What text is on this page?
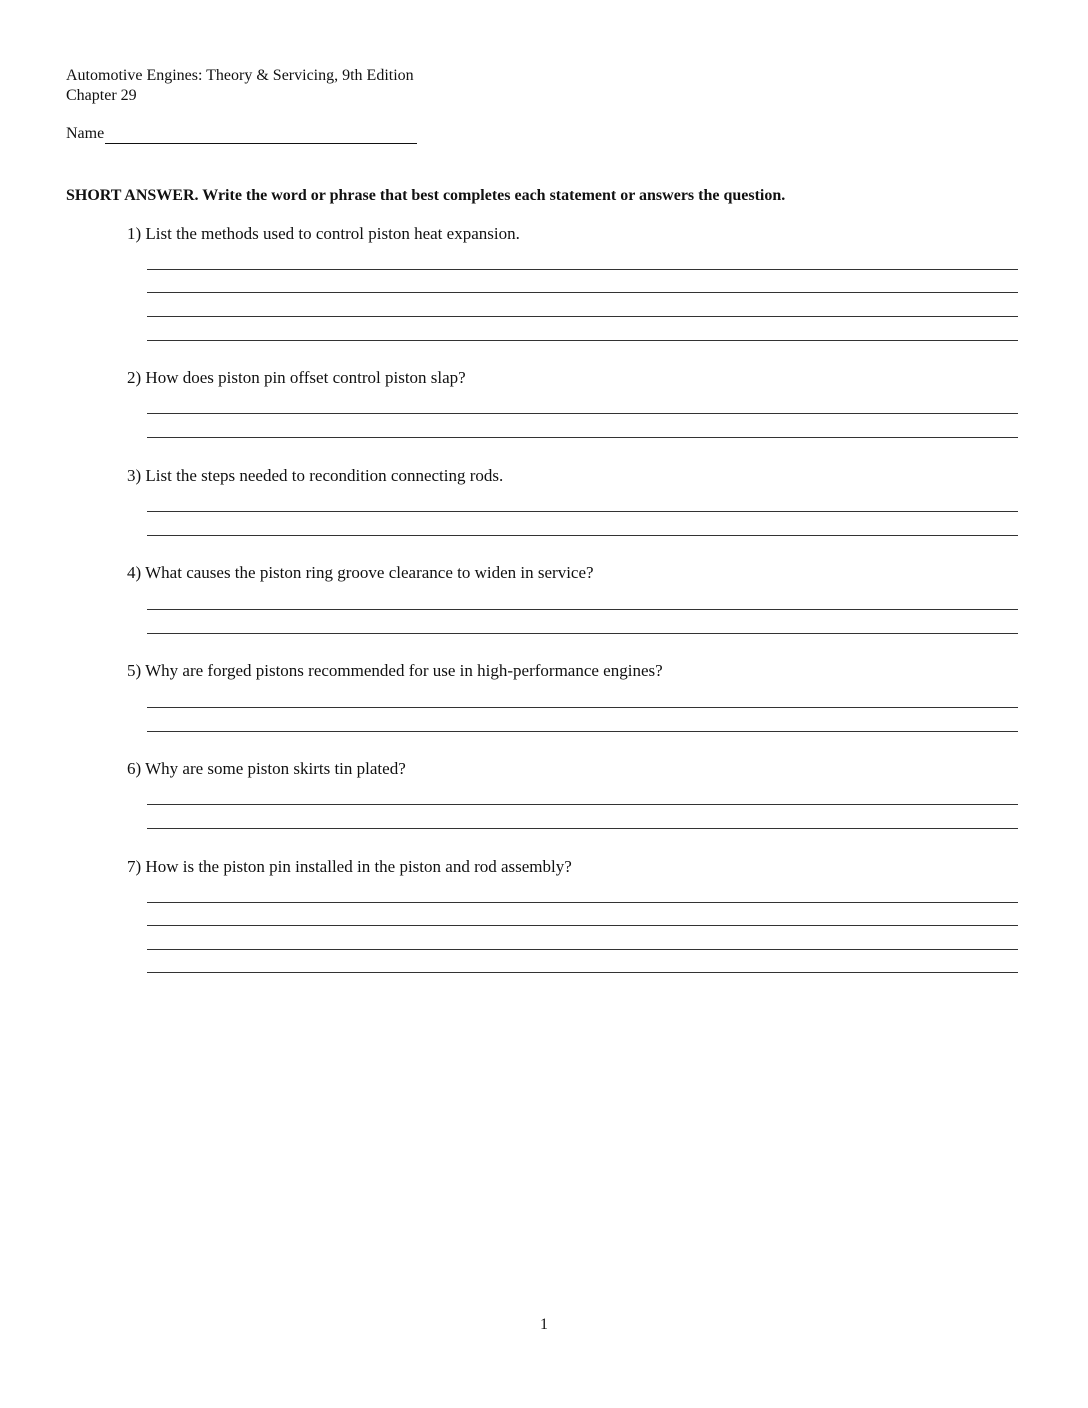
Automotive Engines: Theory & Servicing, 9th Edition
Chapter 29
Name
SHORT ANSWER. Write the word or phrase that best completes each statement or answers the question.
1) List the methods used to control piston heat expansion.
2) How does piston pin offset control piston slap?
3) List the steps needed to recondition connecting rods.
4) What causes the piston ring groove clearance to widen in service?
5) Why are forged pistons recommended for use in high-performance engines?
6) Why are some piston skirts tin plated?
7) How is the piston pin installed in the piston and rod assembly?
1
